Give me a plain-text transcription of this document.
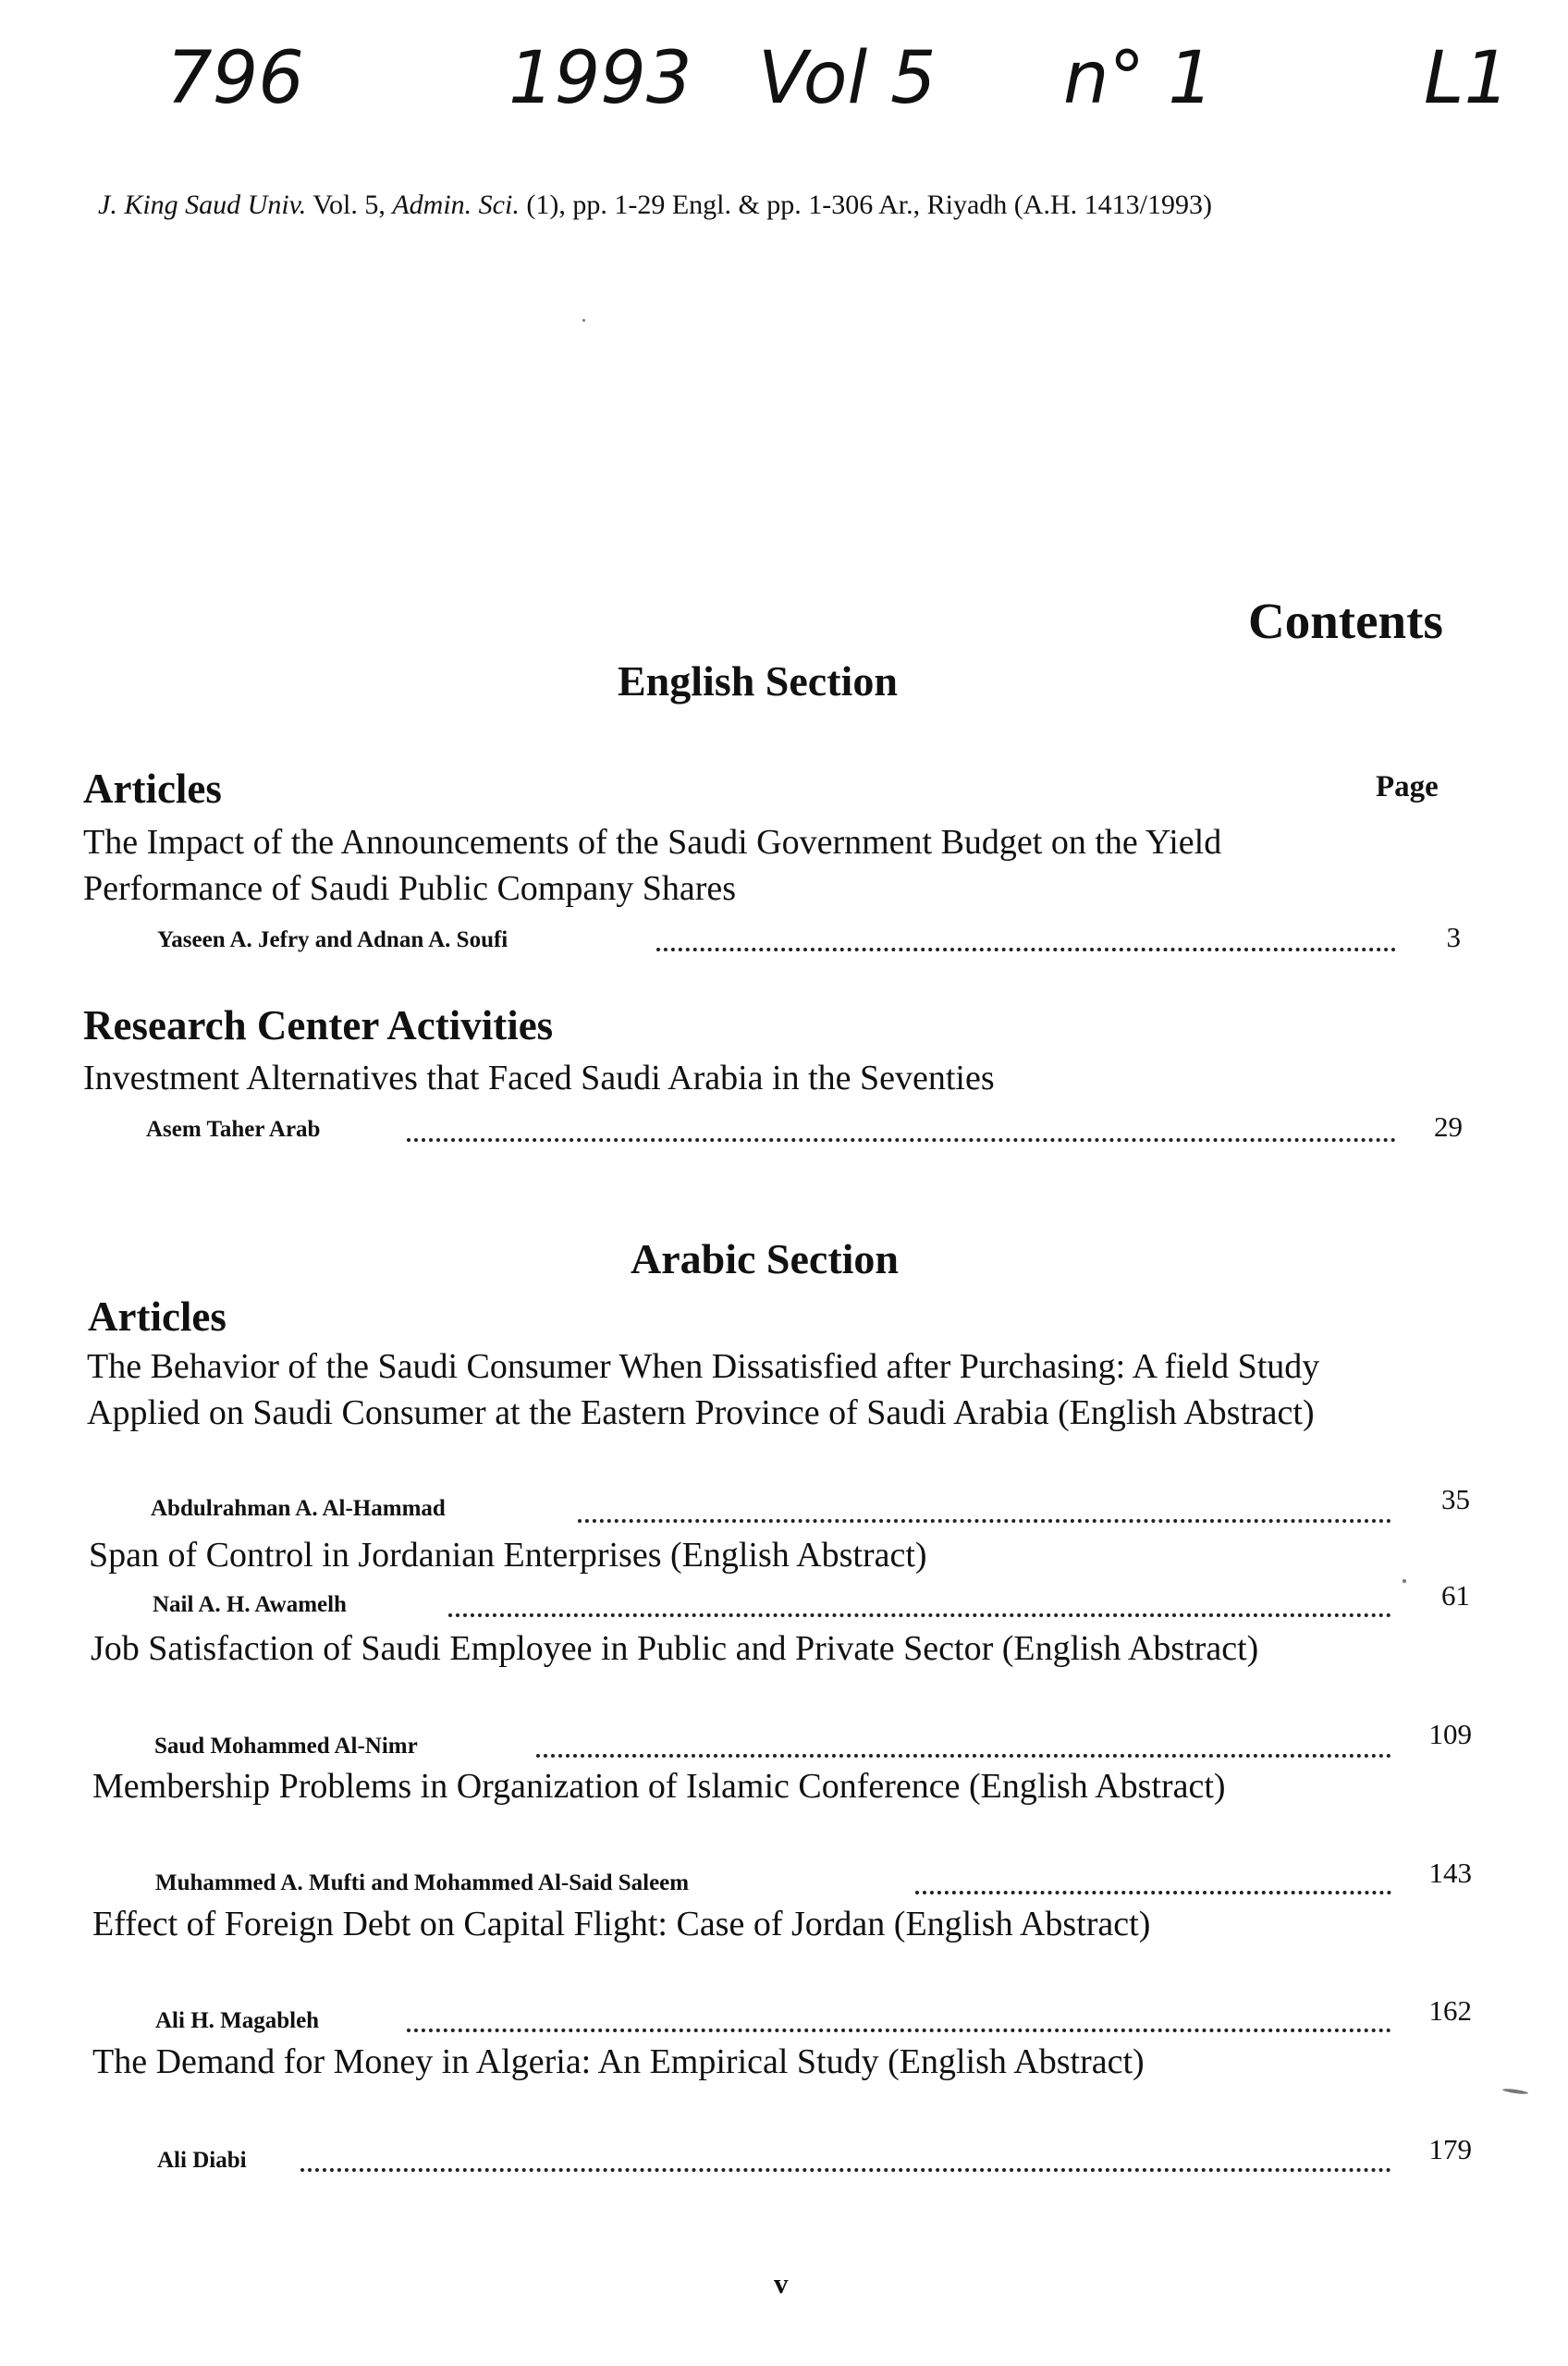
796	1993 Vol 5 n° 1	L1
J. King Saud Univ. Vol. 5, Admin. Sci. (1), pp. 1-29 Engl. & pp. 1-306 Ar., Riyadh (A.H. 1413/1993)
Contents
English Section
Articles	Page
The Impact of the Announcements of the Saudi Government Budget on the Yield Performance of Saudi Public Company Shares
Yaseen A. Jefry and Adnan A. Soufi	3
Research Center Activities
Investment Alternatives that Faced Saudi Arabia in the Seventies
Asem Taher Arab	29
Arabic Section
Articles
The Behavior of the Saudi Consumer When Dissatisfied after Purchasing: A field Study Applied on Saudi Consumer at the Eastern Province of Saudi Arabia (English Abstract)
Abdulrahman A. Al-Hammad	35
Span of Control in Jordanian Enterprises (English Abstract)
Nail A. H. Awamelh	61
Job Satisfaction of Saudi Employee in Public and Private Sector (English Abstract)
Saud Mohammed Al-Nimr	109
Membership Problems in Organization of Islamic Conference (English Abstract)
Muhammed A. Mufti and Mohammed Al-Said Saleem	143
Effect of Foreign Debt on Capital Flight: Case of Jordan (English Abstract)
Ali H. Magableh	162
The Demand for Money in Algeria: An Empirical Study (English Abstract)
Ali Diabi	179
v
